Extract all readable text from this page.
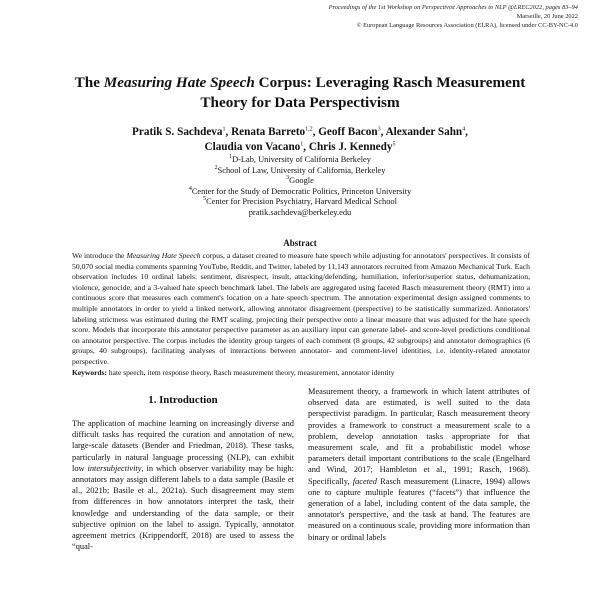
Proceedings of the 1st Workshop on Perspectivist Approaches to NLP @LREC2022, pages 83–94
Marseille, 20 June 2022
© European Language Resources Association (ELRA), licensed under CC-BY-NC-4.0
The Measuring Hate Speech Corpus: Leveraging Rasch Measurement
Theory for Data Perspectivism
Pratik S. Sachdeva$^1$, Renata Barreto$^{1,2}$, Geoff Bacon$^3$, Alexander Sahn$^4$,
Claudia von Vacano$^1$, Chris J. Kennedy$^5$
$^1$D-Lab, University of California Berkeley
$^2$School of Law, University of California, Berkeley
$^3$Google
$^4$Center for the Study of Democratic Politics, Princeton University
$^5$Center for Precision Psychiatry, Harvard Medical School
pratik.sachdeva@berkeley.edu
Abstract
We introduce the Measuring Hate Speech corpus, a dataset created to measure hate speech while adjusting for annotators' perspectives. It consists of 50,070 social media comments spanning YouTube, Reddit, and Twitter, labeled by 11,143 annotators recruited from Amazon Mechanical Turk. Each observation includes 10 ordinal labels: sentiment, disrespect, insult, attacking/defending, humiliation, inferior/superior status, dehumanization, violence, genocide, and a 3-valued hate speech benchmark label. The labels are aggregated using faceted Rasch measurement theory (RMT) into a continuous score that measures each comment's location on a hate speech spectrum. The annotation experimental design assigned comments to multiple annotators in order to yield a linked network, allowing annotator disagreement (perspective) to be statistically summarized. Annotators' labeling strictness was estimated during the RMT scaling, projecting their perspective onto a linear measure that was adjusted for the hate speech score. Models that incorporate this annotator perspective parameter as an auxiliary input can generate label- and score-level predictions conditional on annotator perspective. The corpus includes the identity group targets of each comment (8 groups, 42 subgroups) and annotator demographics (6 groups, 40 subgroups), facilitating analyses of interactions between annotator- and comment-level identities, i.e. identity-related annotator perspective.
Keywords: hate speech, item response theory, Rasch measurement theory, measurement, annotator identity
1. Introduction
The application of machine learning on increasingly diverse and difficult tasks has required the curation and annotation of new, large-scale datasets (Bender and Friedman, 2018). These tasks, particularly in natural language processing (NLP), can exhibit low intersubjectivity, in which observer variability may be high: annotators may assign different labels to a data sample (Basile et al., 2021b; Basile et al., 2021a). Such disagreement may stem from differences in how annotators interpret the task, their knowledge and understanding of the data sample, or their subjective opinion on the label to assign. Typically, annotator agreement metrics (Krippendorff, 2018) are used to assess the “qual-
Measurement theory, a framework in which latent attributes of observed data are estimated, is well suited to the data perspectivist paradigm. In particular, Rasch measurement theory provides a framework to construct a measurement scale to a problem, develop annotation tasks appropriate for that measurement scale, and fit a probabilistic model whose parameters detail important contributions to the scale (Engelhard and Wind, 2017; Hambleton et al., 1991; Rasch, 1968). Specifically, faceted Rasch measurement (Linacre, 1994) allows one to capture multiple features (“facets”) that influence the generation of a label, including content of the data sample, the annotator's perspective, and the task at hand. The features are measured on a continuous scale, providing more information than binary or ordinal labels
